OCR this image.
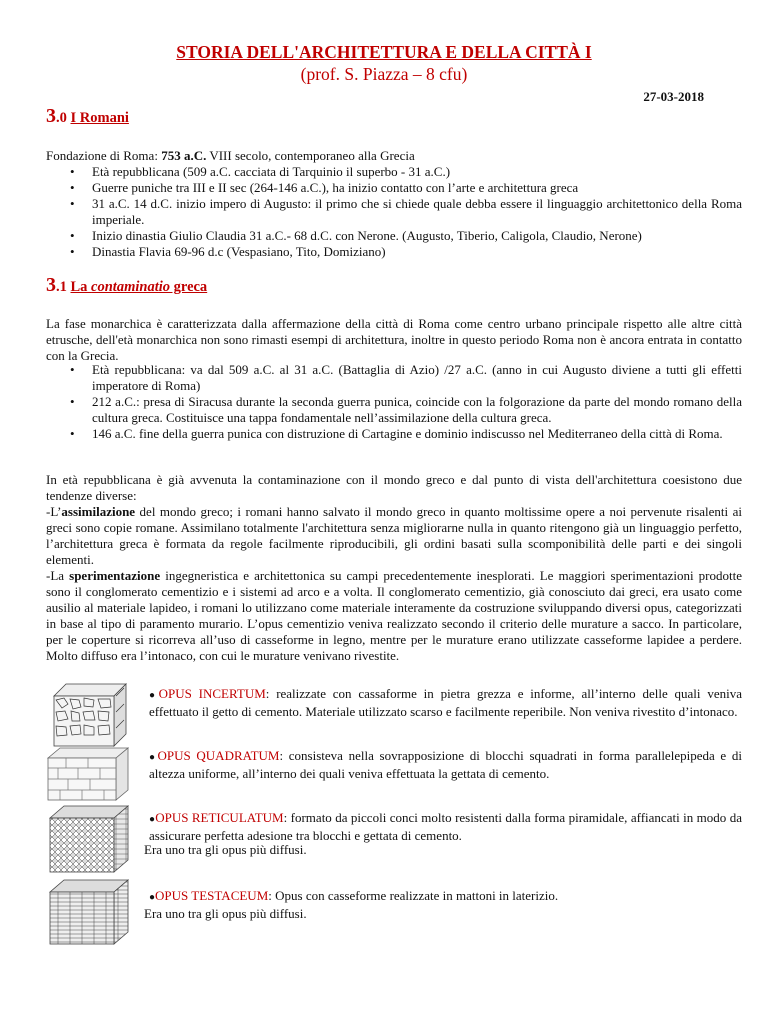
STORIA DELL'ARCHITETTURA E DELLA CITTÀ I
(prof. S. Piazza – 8 cfu)
27-03-2018
3.0 I Romani
Fondazione di Roma: 753 a.C. VIII secolo, contemporaneo alla Grecia
• Età repubblicana (509 a.C. cacciata di Tarquinio il superbo - 31 a.C.)
• Guerre puniche tra III e II sec (264-146 a.C.), ha inizio contatto con l’arte e architettura greca
• 31 a.C. 14 d.C. inizio impero di Augusto: il primo che si chiede quale debba essere il linguaggio architettonico della Roma imperiale.
• Inizio dinastia Giulio Claudia 31 a.C.- 68 d.C. con Nerone. (Augusto, Tiberio, Caligola, Claudio, Nerone)
• Dinastia Flavia 69-96 d.c (Vespasiano, Tito, Domiziano)
3.1 La contaminatio greca
La fase monarchica è caratterizzata dalla affermazione della città di Roma come centro urbano principale rispetto alle altre città etrusche, dell'età monarchica non sono rimasti esempi di architettura, inoltre in questo periodo Roma non è ancora entrata in contatto con la Grecia.
• Età repubblicana: va dal 509 a.C. al 31 a.C. (Battaglia di Azio) /27 a.C. (anno in cui Augusto diviene a tutti gli effetti imperatore di Roma)
• 212 a.C.: presa di Siracusa durante la seconda guerra punica, coincide con la folgorazione da parte del mondo romano della cultura greca. Costituisce una tappa fondamentale nell’assimilazione della cultura greca.
• 146 a.C. fine della guerra punica con distruzione di Cartagine e dominio indiscusso nel Mediterraneo della città di Roma.
In età repubblicana è già avvenuta la contaminazione con il mondo greco e dal punto di vista dell'architettura coesistono due tendenze diverse:
-L’assimilazione del mondo greco; i romani hanno salvato il mondo greco in quanto moltissime opere a noi pervenute risalenti ai greci sono copie romane. Assimilano totalmente l'architettura senza migliorarne nulla in quanto ritengono già un linguaggio perfetto, l’architettura greca è formata da regole facilmente riproducibili, gli ordini basati sulla scomponibilità delle parti e dei singoli elementi.
-La sperimentazione ingegneristica e architettonica su campi precedentemente inesplorati. Le maggiori sperimentazioni prodotte sono il conglomerato cementizio e i sistemi ad arco e a volta. Il conglomerato cementizio, già conosciuto dai greci, era usato come ausilio al materiale lapideo, i romani lo utilizzano come materiale interamente da costruzione sviluppando diversi opus, categorizzati in base al tipo di paramento murario. L’opus cementizio veniva realizzato secondo il criterio delle murature a sacco. In particolare, per le coperture si ricorreva all’uso di casseforme in legno, mentre per le murature erano utilizzate casseforme lapidee a perdere. Molto diffuso era l’intonaco, con cui le murature venivano rivestite.
●OPUS INCERTUM: realizzate con cassaforme in pietra grezza e informe, all’interno delle quali veniva effettuato il getto di cemento. Materiale utilizzato scarso e facilmente reperibile. Non veniva rivestito d’intonaco.
●OPUS QUADRATUM: consisteva nella sovrapposizione di blocchi squadrati in forma parallelepipeda e di altezza uniforme, all’interno dei quali veniva effettuata la gettata di cemento.
●OPUS RETICULATUM: formato da piccoli conci molto resistenti dalla forma piramidale, affiancati in modo da assicurare perfetta adesione tra blocchi e gettata di cemento.
Era uno tra gli opus più diffusi.
●OPUS TESTACEUM: Opus con casseforme realizzate in mattoni in laterizio.
Era uno tra gli opus più diffusi.
